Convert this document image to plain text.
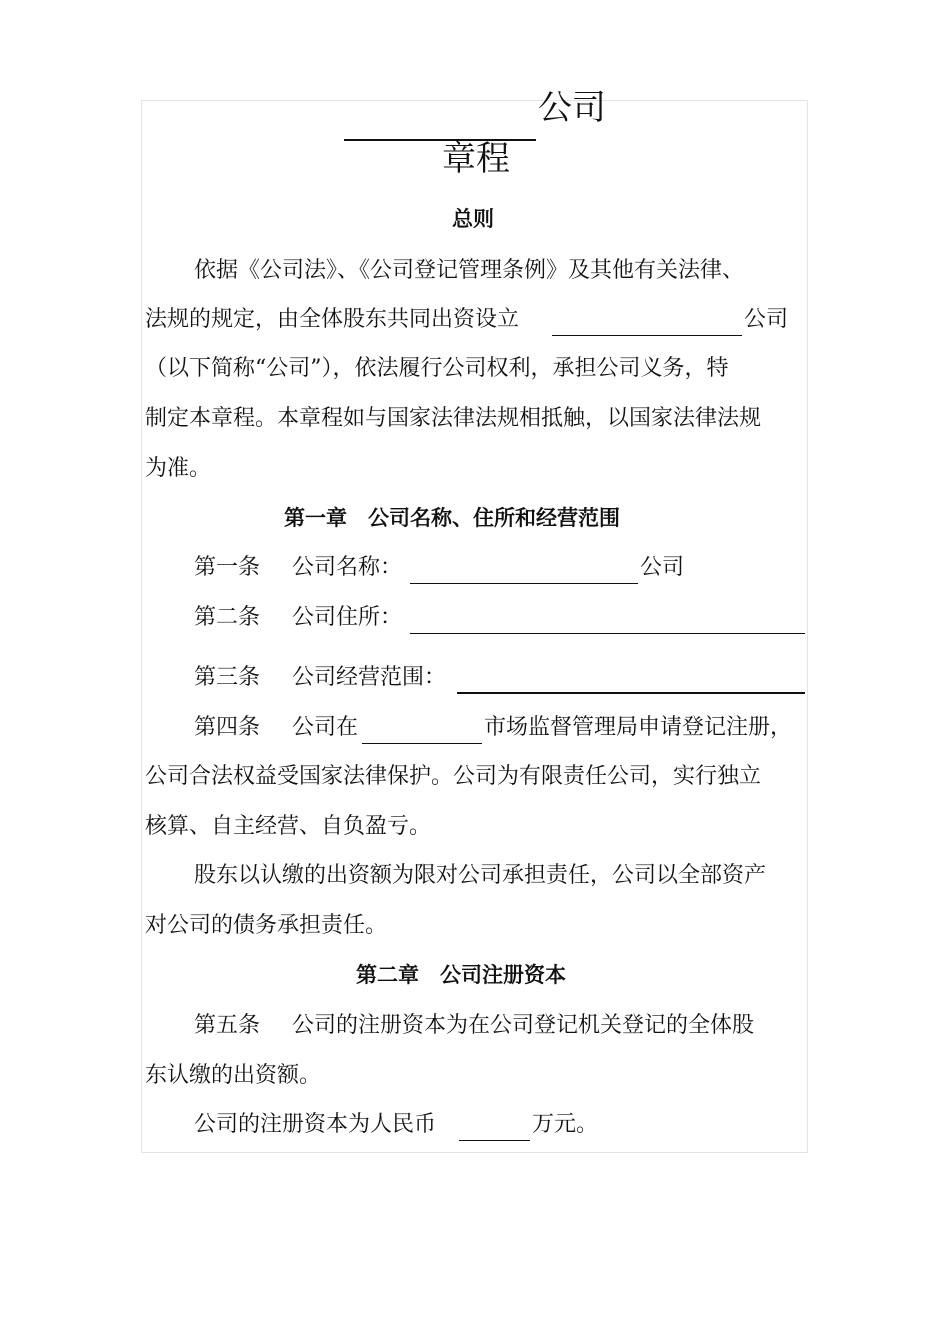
公司
章程
总则
依据《公司法》、《公司登记管理条例》及其他有关法律、
法规的规定，由全体股东共同出资设立	公司
（以下简称“公司”），依法履行公司权利，承担公司义务，特
制定本章程。本章程如与国家法律法规相抵触，以国家法律法规
为准。
第一章　公司名称、住所和经营范围
第一条 公司名称：	公司
第二条 公司住所：
第三条 公司经营范围：
第四条 公司在	市场监督管理局申请登记注册，
公司合法权益受国家法律保护。公司为有限责任公司，实行独立
核算、自主经营、自负盈亏。
股东以认缴的出资额为限对公司承担责任，公司以全部资产
对公司的债务承担责任。
第二章　公司注册资本
第五条 公司的注册资本为在公司登记机关登记的全体股
东认缴的出资额。
公司的注册资本为人民币	万元。
